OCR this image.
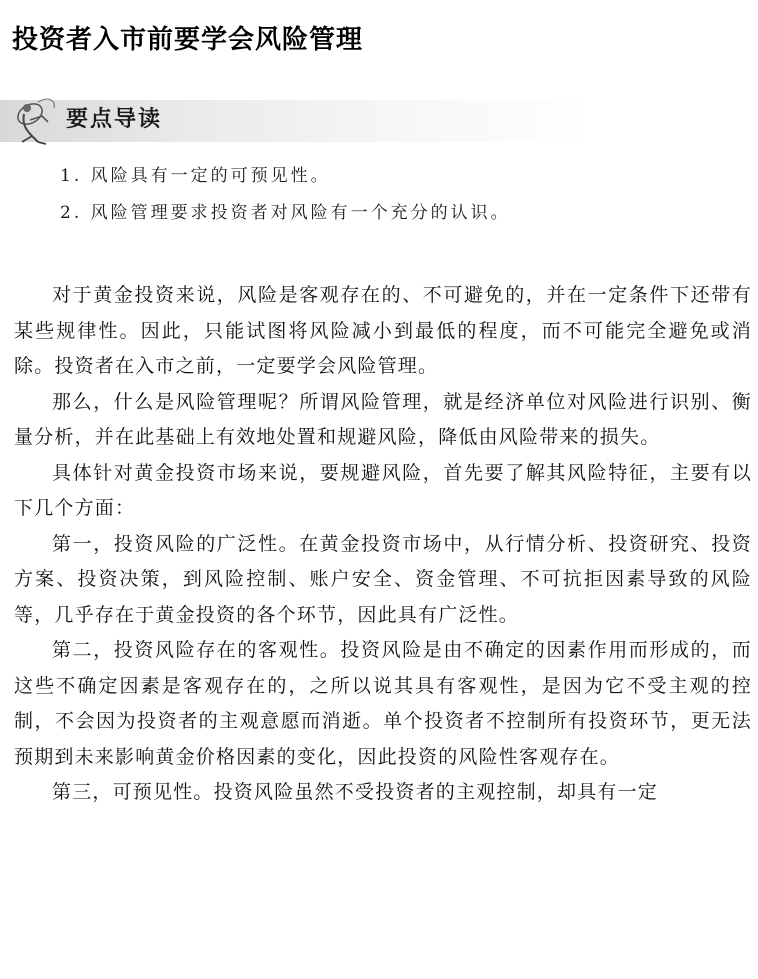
投资者入市前要学会风险管理
要点导读
1. 风险具有一定的可预见性。
2. 风险管理要求投资者对风险有一个充分的认识。

对于黄金投资来说，风险是客观存在的、不可避免的，并在一定条件下还带有某些规律性。因此，只能试图将风险减小到最低的程度，而不可能完全避免或消除。投资者在入市之前，一定要学会风险管理。

那么，什么是风险管理呢？所谓风险管理，就是经济单位对风险进行识别、衡量分析，并在此基础上有效地处置和规避风险，降低由风险带来的损失。

具体针对黄金投资市场来说，要规避风险，首先要了解其风险特征，主要有以下几个方面：

第一，投资风险的广泛性。在黄金投资市场中，从行情分析、投资研究、投资方案、投资决策，到风险控制、账户安全、资金管理、不可抗拒因素导致的风险等，几乎存在于黄金投资的各个环节，因此具有广泛性。

第二，投资风险存在的客观性。投资风险是由不确定的因素作用而形成的，而这些不确定因素是客观存在的，之所以说其具有客观性，是因为它不受主观的控制，不会因为投资者的主观意愿而消逝。单个投资者不控制所有投资环节，更无法预期到未来影响黄金价格因素的变化，因此投资的风险性客观存在。

第三，可预见性。投资风险虽然不受投资者的主观控制，却具有一定
